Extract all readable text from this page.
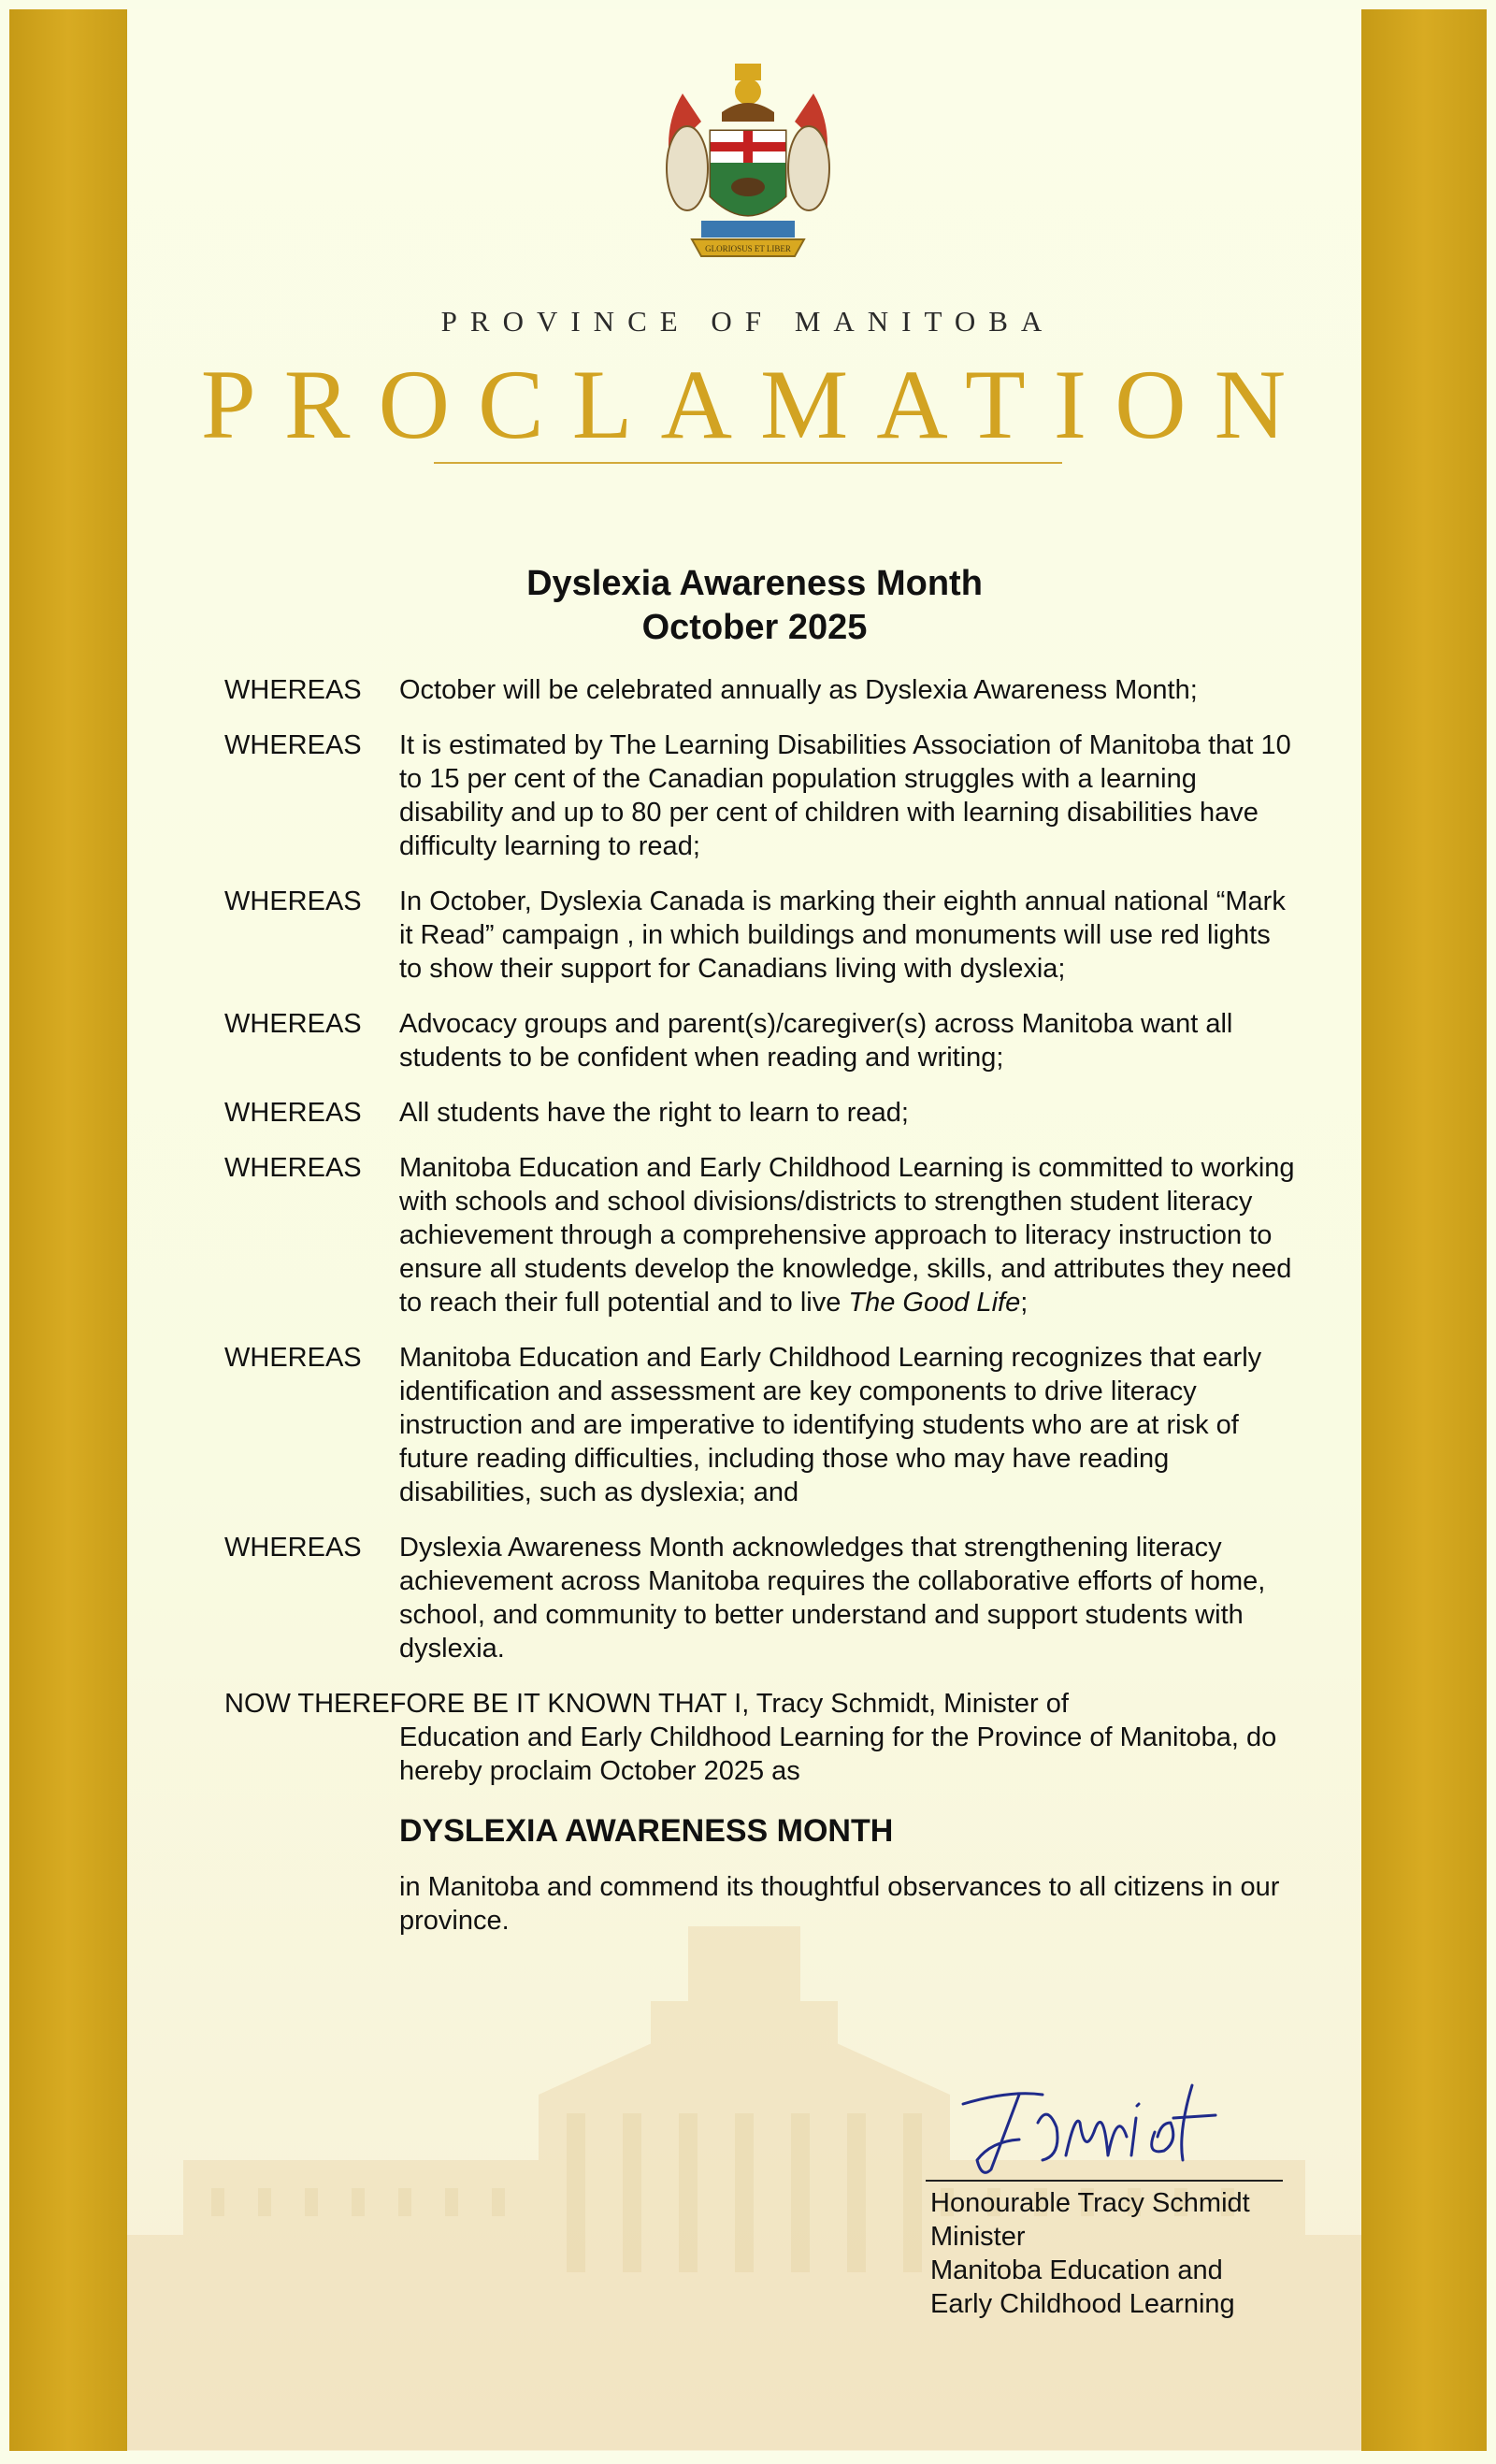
GLORIOSUS ET LIBER
PROVINCE OF MANITOBA
PROCLAMATION
Dyslexia Awareness Month
October 2025
WHEREAS	October will be celebrated annually as Dyslexia Awareness Month;
WHEREAS	It is estimated by The Learning Disabilities Association of Manitoba that 10 to 15 per cent of the Canadian population struggles with a learning disability and up to 80 per cent of children with learning disabilities have difficulty learning to read;
WHEREAS	In October, Dyslexia Canada is marking their eighth annual national “Mark it Read” campaign , in which buildings and monuments will use red lights to show their support for Canadians living with dyslexia;
WHEREAS	Advocacy groups and parent(s)/caregiver(s) across Manitoba want all students to be confident when reading and writing;
WHEREAS	All students have the right to learn to read;
WHEREAS	Manitoba Education and Early Childhood Learning is committed to working with schools and school divisions/districts to strengthen student literacy achievement through a comprehensive approach to literacy instruction to ensure all students develop the knowledge, skills, and attributes they need to reach their full potential and to live The Good Life;
WHEREAS	Manitoba Education and Early Childhood Learning recognizes that early identification and assessment are key components to drive literacy instruction and are imperative to identifying students who are at risk of future reading difficulties, including those who may have reading disabilities, such as dyslexia; and
WHEREAS	Dyslexia Awareness Month acknowledges that strengthening literacy achievement across Manitoba requires the collaborative efforts of home, school, and community to better understand and support students with dyslexia.
NOW THEREFORE BE IT KNOWN THAT I, Tracy Schmidt, Minister of
Education and Early Childhood Learning for the Province of Manitoba, do hereby proclaim October 2025 as
DYSLEXIA AWARENESS MONTH
in Manitoba and commend its thoughtful observances to all citizens in our province.
Honourable Tracy Schmidt
Minister
Manitoba Education and
Early Childhood Learning
